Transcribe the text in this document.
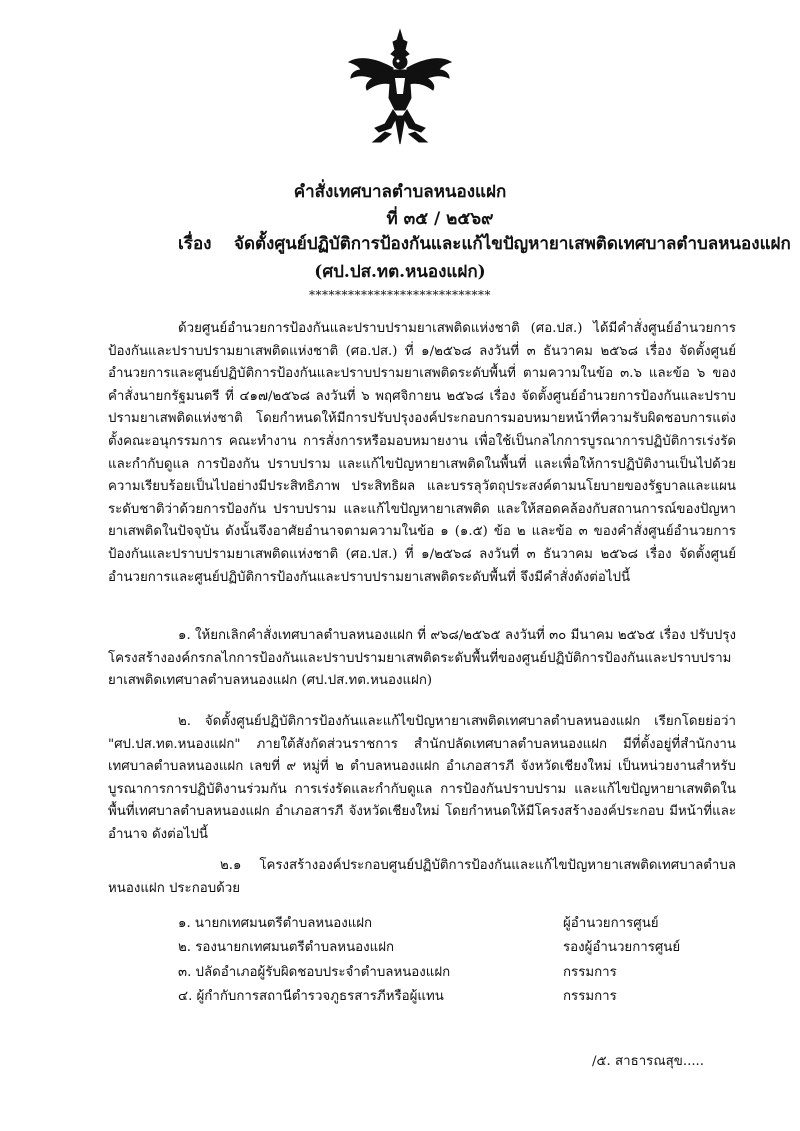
คำสั่งเทศบาลตำบลหนองแฝก
ที่ ๓๕ / ๒๕๖๙
เรื่อง จัดตั้งศูนย์ปฏิบัติการป้องกันและแก้ไขปัญหายาเสพติดเทศบาลตำบลหนองแฝก
(ศป.ปส.ทต.หนองแฝก)
****************************
ด้วยศูนย์อำนวยการป้องกันและปราบปรามยาเสพติดแห่งชาติ (ศอ.ปส.) ได้มีคำสั่งศูนย์อำนวยการป้องกันและปราบปรามยาเสพติดแห่งชาติ (ศอ.ปส.) ที่ ๑/๒๕๖๘ ลงวันที่ ๓ ธันวาคม ๒๕๖๘ เรื่อง จัดตั้งศูนย์อำนวยการและศูนย์ปฏิบัติการป้องกันและปราบปรามยาเสพติดระดับพื้นที่ ตามความในข้อ ๓.๖ และข้อ ๖ ของคำสั่งนายกรัฐมนตรี ที่ ๔๑๗/๒๕๖๘ ลงวันที่ ๖ พฤศจิกายน ๒๕๖๘ เรื่อง จัดตั้งศูนย์อำนวยการป้องกันและปราบปรามยาเสพติดแห่งชาติ โดยกำหนดให้มีการปรับปรุงองค์ประกอบการมอบหมายหน้าที่ความรับผิดชอบการแต่งตั้งคณะอนุกรรมการ คณะทำงาน การสั่งการหรือมอบหมายงาน เพื่อใช้เป็นกลไกการบูรณาการปฏิบัติการเร่งรัดและกำกับดูแล การป้องกัน ปราบปราม และแก้ไขปัญหายาเสพติดในพื้นที่ และเพื่อให้การปฏิบัติงานเป็นไปด้วยความเรียบร้อยเป็นไปอย่างมีประสิทธิภาพ ประสิทธิผล และบรรลุวัตถุประสงค์ตามนโยบายของรัฐบาลและแผนระดับชาติว่าด้วยการป้องกัน ปราบปราม และแก้ไขปัญหายาเสพติด และให้สอดคล้องกับสถานการณ์ของปัญหายาเสพติดในปัจจุบัน ดังนั้นจึงอาศัยอำนาจตามความในข้อ ๑ (๑.๕) ข้อ ๒ และข้อ ๓ ของคำสั่งศูนย์อำนวยการป้องกันและปราบปรามยาเสพติดแห่งชาติ (ศอ.ปส.) ที่ ๑/๒๕๖๘ ลงวันที่ ๓ ธันวาคม ๒๕๖๘ เรื่อง จัดตั้งศูนย์อำนวยการและศูนย์ปฏิบัติการป้องกันและปราบปรามยาเสพติดระดับพื้นที่ จึงมีคำสั่งดังต่อไปนี้
๑. ให้ยกเลิกคำสั่งเทศบาลตำบลหนองแฝก ที่ ๙๖๘/๒๕๖๕ ลงวันที่ ๓๐ มีนาคม ๒๕๖๕ เรื่อง ปรับปรุงโครงสร้างองค์กรกลไกการป้องกันและปราบปรามยาเสพติดระดับพื้นที่ของศูนย์ปฏิบัติการป้องกันและปราบปรามยาเสพติดเทศบาลตำบลหนองแฝก (ศป.ปส.ทต.หนองแฝก)
๒. จัดตั้งศูนย์ปฏิบัติการป้องกันและแก้ไขปัญหายาเสพติดเทศบาลตำบลหนองแฝก เรียกโดยย่อว่า "ศป.ปส.ทต.หนองแฝก" ภายใต้สังกัดส่วนราชการ สำนักปลัดเทศบาลตำบลหนองแฝก มีที่ตั้งอยู่ที่สำนักงานเทศบาลตำบลหนองแฝก เลขที่ ๙ หมู่ที่ ๒ ตำบลหนองแฝก อำเภอสารภี จังหวัดเชียงใหม่ เป็นหน่วยงานสำหรับบูรณาการการปฏิบัติงานร่วมกัน การเร่งรัดและกำกับดูแล การป้องกันปราบปราม และแก้ไขปัญหายาเสพติดในพื้นที่เทศบาลตำบลหนองแฝก อำเภอสารภี จังหวัดเชียงใหม่ โดยกำหนดให้มีโครงสร้างองค์ประกอบ มีหน้าที่และอำนาจ ดังต่อไปนี้
๒.๑ โครงสร้างองค์ประกอบศูนย์ปฏิบัติการป้องกันและแก้ไขปัญหายาเสพติดเทศบาลตำบลหนองแฝก ประกอบด้วย
๑. นายกเทศมนตรีตำบลหนองแฝก	ผู้อำนวยการศูนย์
๒. รองนายกเทศมนตรีตำบลหนองแฝก	รองผู้อำนวยการศูนย์
๓. ปลัดอำเภอผู้รับผิดชอบประจำตำบลหนองแฝก	กรรมการ
๔. ผู้กำกับการสถานีตำรวจภูธรสารภีหรือผู้แทน	กรรมการ
/๕. สาธารณสุข.....
